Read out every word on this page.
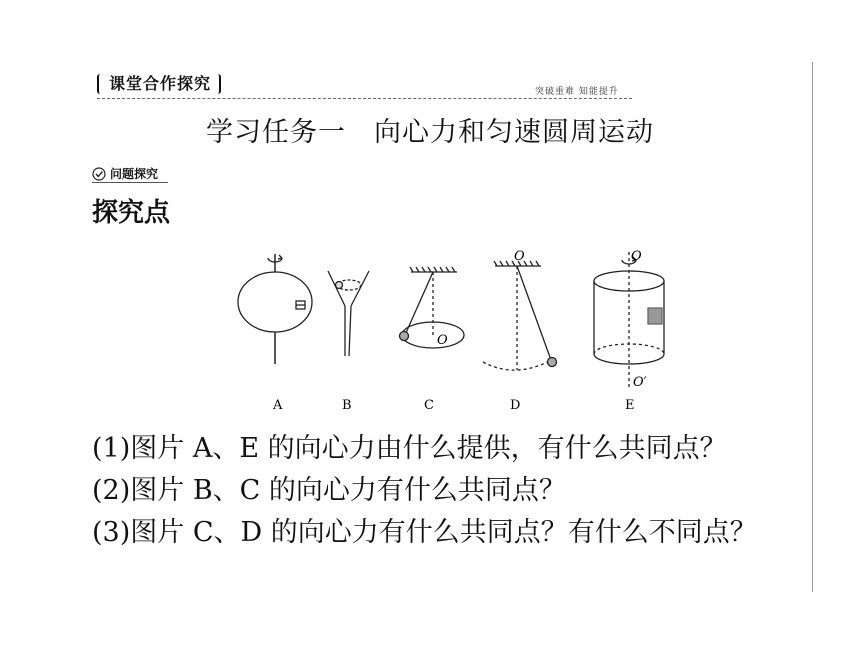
课堂合作探究	突破重难 知能提升
学习任务一　向心力和匀速圆周运动
问题探究
探究点
O
O	O
O′
A	B	C	D	E
(1)图片 A、E 的向心力由什么提供，有什么共同点？
(2)图片 B、C 的向心力有什么共同点？
(3)图片 C、D 的向心力有什么共同点？有什么不同点？
